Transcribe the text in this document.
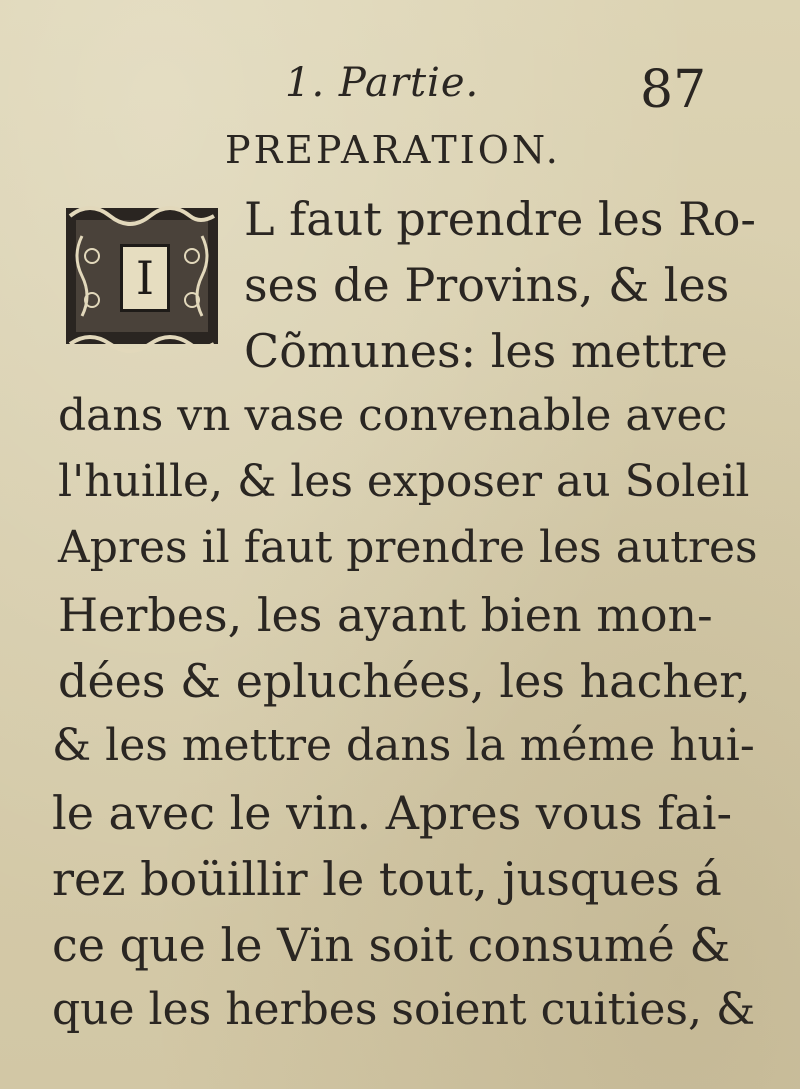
1. Partie.	87
PREPARATION.
I
L faut prendre les Ro-
ses de Provins, & les
Cõmunes: les mettre
dans vn vase convenable avec
l'huille, & les exposer au Soleil
Apres il faut prendre les autres
Herbes, les ayant bien mon-
dées & epluchées, les hacher,
& les mettre dans la méme hui-
le avec le vin. Apres vous fai-
rez boüillir le tout, jusques á
ce que le Vin soit consumé &
que les herbes soient cuities, &
